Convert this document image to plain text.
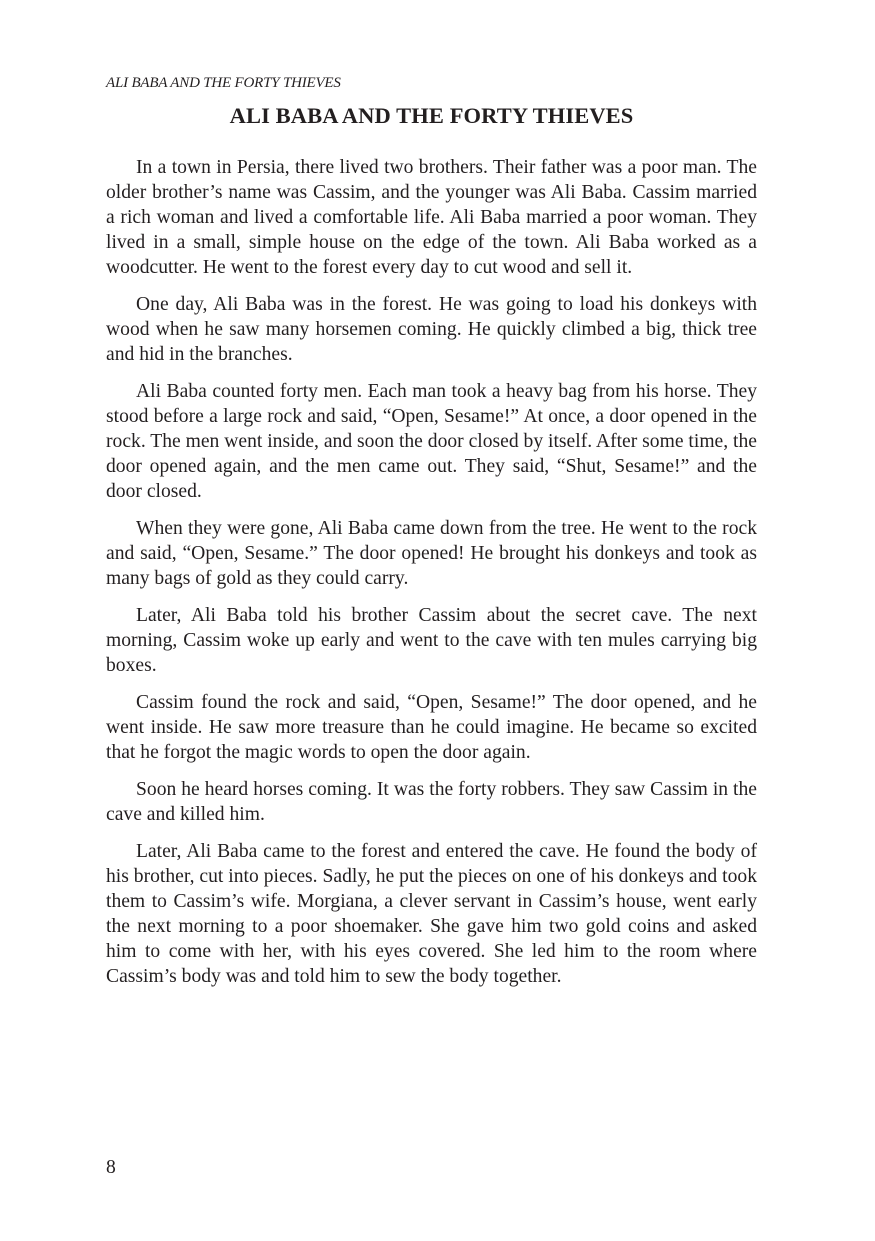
ALI BABA AND THE FORTY THIEVES
ALI BABA AND THE FORTY THIEVES

In a town in Persia, there lived two brothers. Their father was a poor man. The older brother’s name was Cassim, and the younger was Ali Baba. Cassim married a rich woman and lived a comfortable life. Ali Baba married a poor woman. They lived in a small, simple house on the edge of the town. Ali Baba worked as a woodcutter. He went to the forest every day to cut wood and sell it.

One day, Ali Baba was in the forest. He was going to load his donkeys with wood when he saw many horsemen coming. He quickly climbed a big, thick tree and hid in the branches.

Ali Baba counted forty men. Each man took a heavy bag from his horse. They stood before a large rock and said, “Open, Sesame!” At once, a door opened in the rock. The men went inside, and soon the door closed by itself. After some time, the door opened again, and the men came out. They said, “Shut, Sesame!” and the door closed.

When they were gone, Ali Baba came down from the tree. He went to the rock and said, “Open, Sesame.” The door opened! He brought his donkeys and took as many bags of gold as they could carry.

Later, Ali Baba told his brother Cassim about the secret cave. The next morning, Cassim woke up early and went to the cave with ten mules carrying big boxes.

Cassim found the rock and said, “Open, Sesame!” The door opened, and he went inside. He saw more treasure than he could imagine. He became so excited that he forgot the magic words to open the door again.

Soon he heard horses coming. It was the forty robbers. They saw Cassim in the cave and killed him.

Later, Ali Baba came to the forest and entered the cave. He found the body of his brother, cut into pieces. Sadly, he put the pieces on one of his donkeys and took them to Cassim’s wife. Morgiana, a clever servant in Cassim’s house, went early the next morning to a poor shoemaker. She gave him two gold coins and asked him to come with her, with his eyes covered. She led him to the room where Cassim’s body was and told him to sew the body together.

8
